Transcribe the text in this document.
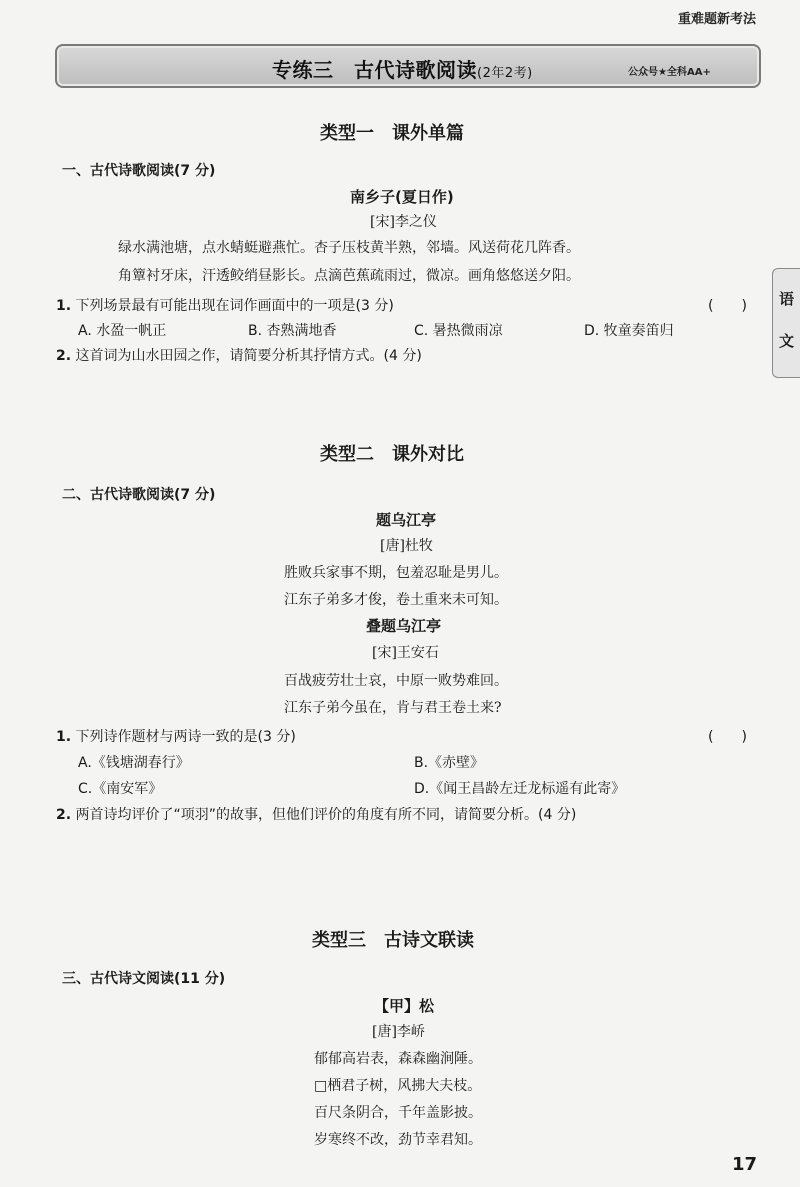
重难题新考法
专练三　古代诗歌阅读(2年2考)	公众号★全科AA+
语
文
类型一　课外单篇
一、古代诗歌阅读(7 分)
南乡子(夏日作)
[宋]李之仪
绿水满池塘，点水蜻蜓避燕忙。杏子压枝黄半熟，邻墙。风送荷花几阵香。
角簟衬牙床，汗透鲛绡昼影长。点滴芭蕉疏雨过，微凉。画角悠悠送夕阳。
1. 下列场景最有可能出现在词作画面中的一项是(3 分)	(　　)
A. 水盈一帆正	B. 杏熟满地香	C. 暑热微雨凉	D. 牧童奏笛归
2. 这首词为山水田园之作，请简要分析其抒情方式。(4 分)
类型二　课外对比
二、古代诗歌阅读(7 分)
题乌江亭
[唐]杜牧
胜败兵家事不期，包羞忍耻是男儿。
江东子弟多才俊，卷土重来未可知。
叠题乌江亭
[宋]王安石
百战疲劳壮士哀，中原一败势难回。
江东子弟今虽在，肯与君王卷土来?
1. 下列诗作题材与两诗一致的是(3 分)	(　　)
A.《钱塘湖春行》	B.《赤壁》
C.《南安军》	D.《闻王昌龄左迁龙标遥有此寄》
2. 两首诗均评价了“项羽”的故事，但他们评价的角度有所不同，请简要分析。(4 分)
类型三　古诗文联读
三、古代诗文阅读(11 分)
【甲】松
[唐]李峤
郁郁高岩表，森森幽涧陲。
□栖君子树，风拂大夫枝。
百尺条阴合，千年盖影披。
岁寒终不改，劲节幸君知。
17
